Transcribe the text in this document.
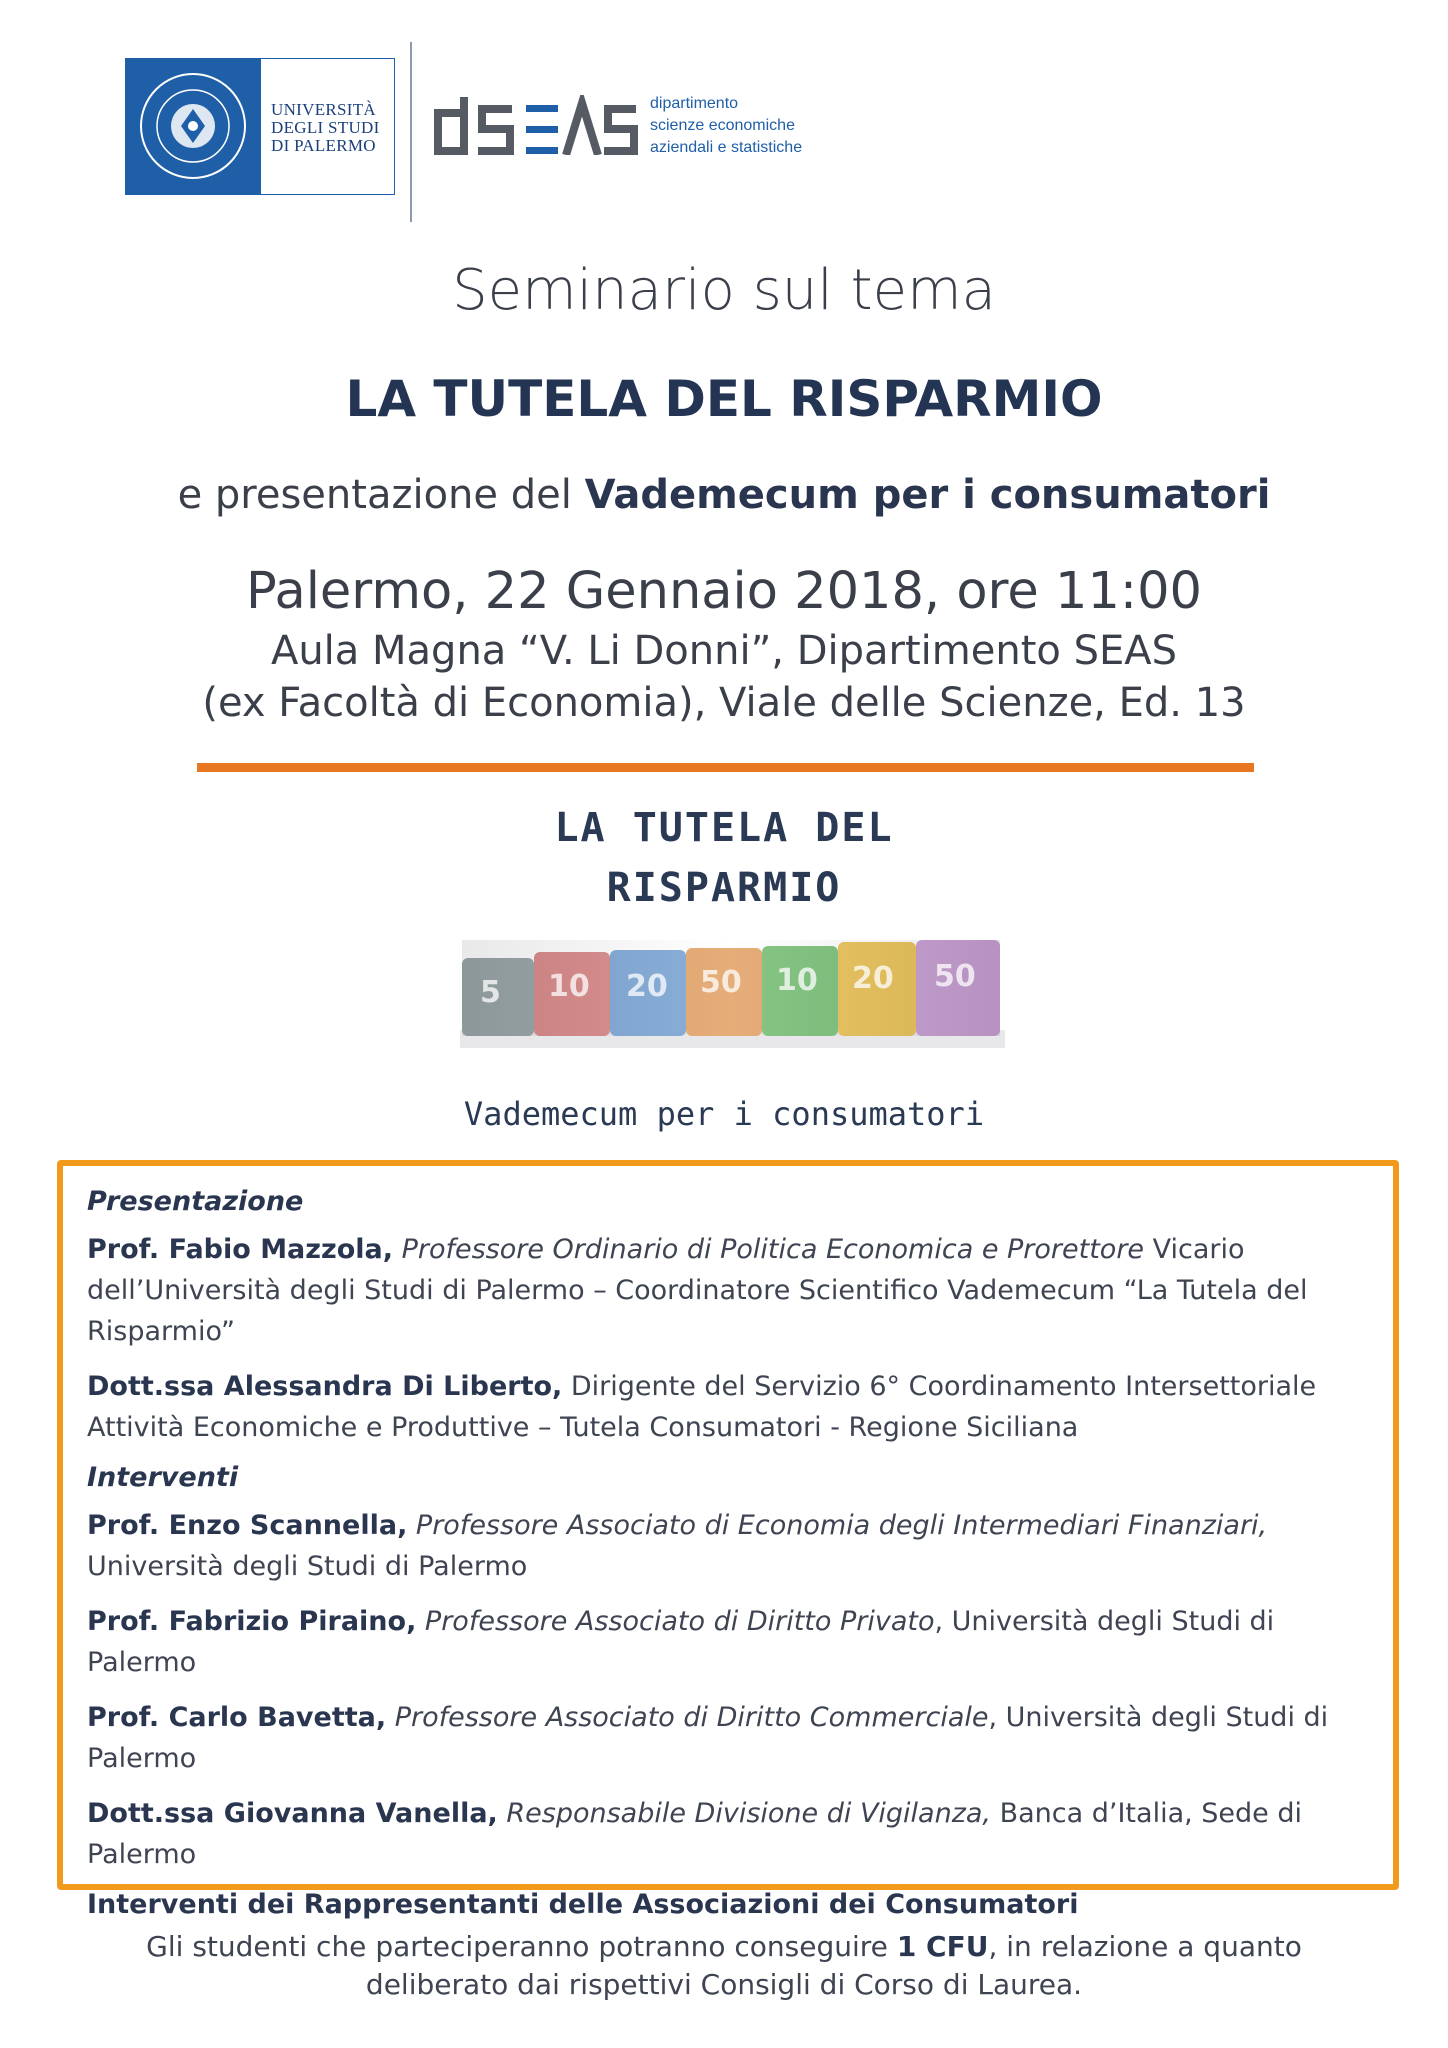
UNIVERSITÀ
DEGLI STUDI
DI PALERMO
dipartimento
scienze economiche
aziendali e statistiche
Seminario sul tema
LA TUTELA DEL RISPARMIO
e presentazione del Vademecum per i consumatori
Palermo, 22 Gennaio 2018, ore 11:00
Aula Magna “V. Li Donni”, Dipartimento SEAS
(ex Facoltà di Economia), Viale delle Scienze, Ed. 13
LA TUTELA DEL
RISPARMIO
5 10 20 50 10 20 50
Vademecum per i consumatori
Presentazione
Prof. Fabio Mazzola, Professore Ordinario di Politica Economica e Prorettore Vicario dell’Università degli Studi di Palermo – Coordinatore Scientifico Vademecum “La Tutela del Risparmio”
Dott.ssa Alessandra Di Liberto, Dirigente del Servizio 6° Coordinamento Intersettoriale Attività Economiche e Produttive – Tutela Consumatori - Regione Siciliana
Interventi
Prof. Enzo Scannella, Professore Associato di Economia degli Intermediari Finanziari, Università degli Studi di Palermo
Prof. Fabrizio Piraino, Professore Associato di Diritto Privato, Università degli Studi di Palermo
Prof. Carlo Bavetta, Professore Associato di Diritto Commerciale, Università degli Studi di Palermo
Dott.ssa Giovanna Vanella, Responsabile Divisione di Vigilanza, Banca d’Italia, Sede di Palermo
Interventi dei Rappresentanti delle Associazioni dei Consumatori
Gli studenti che parteciperanno potranno conseguire 1 CFU, in relazione a quanto
deliberato dai rispettivi Consigli di Corso di Laurea.
